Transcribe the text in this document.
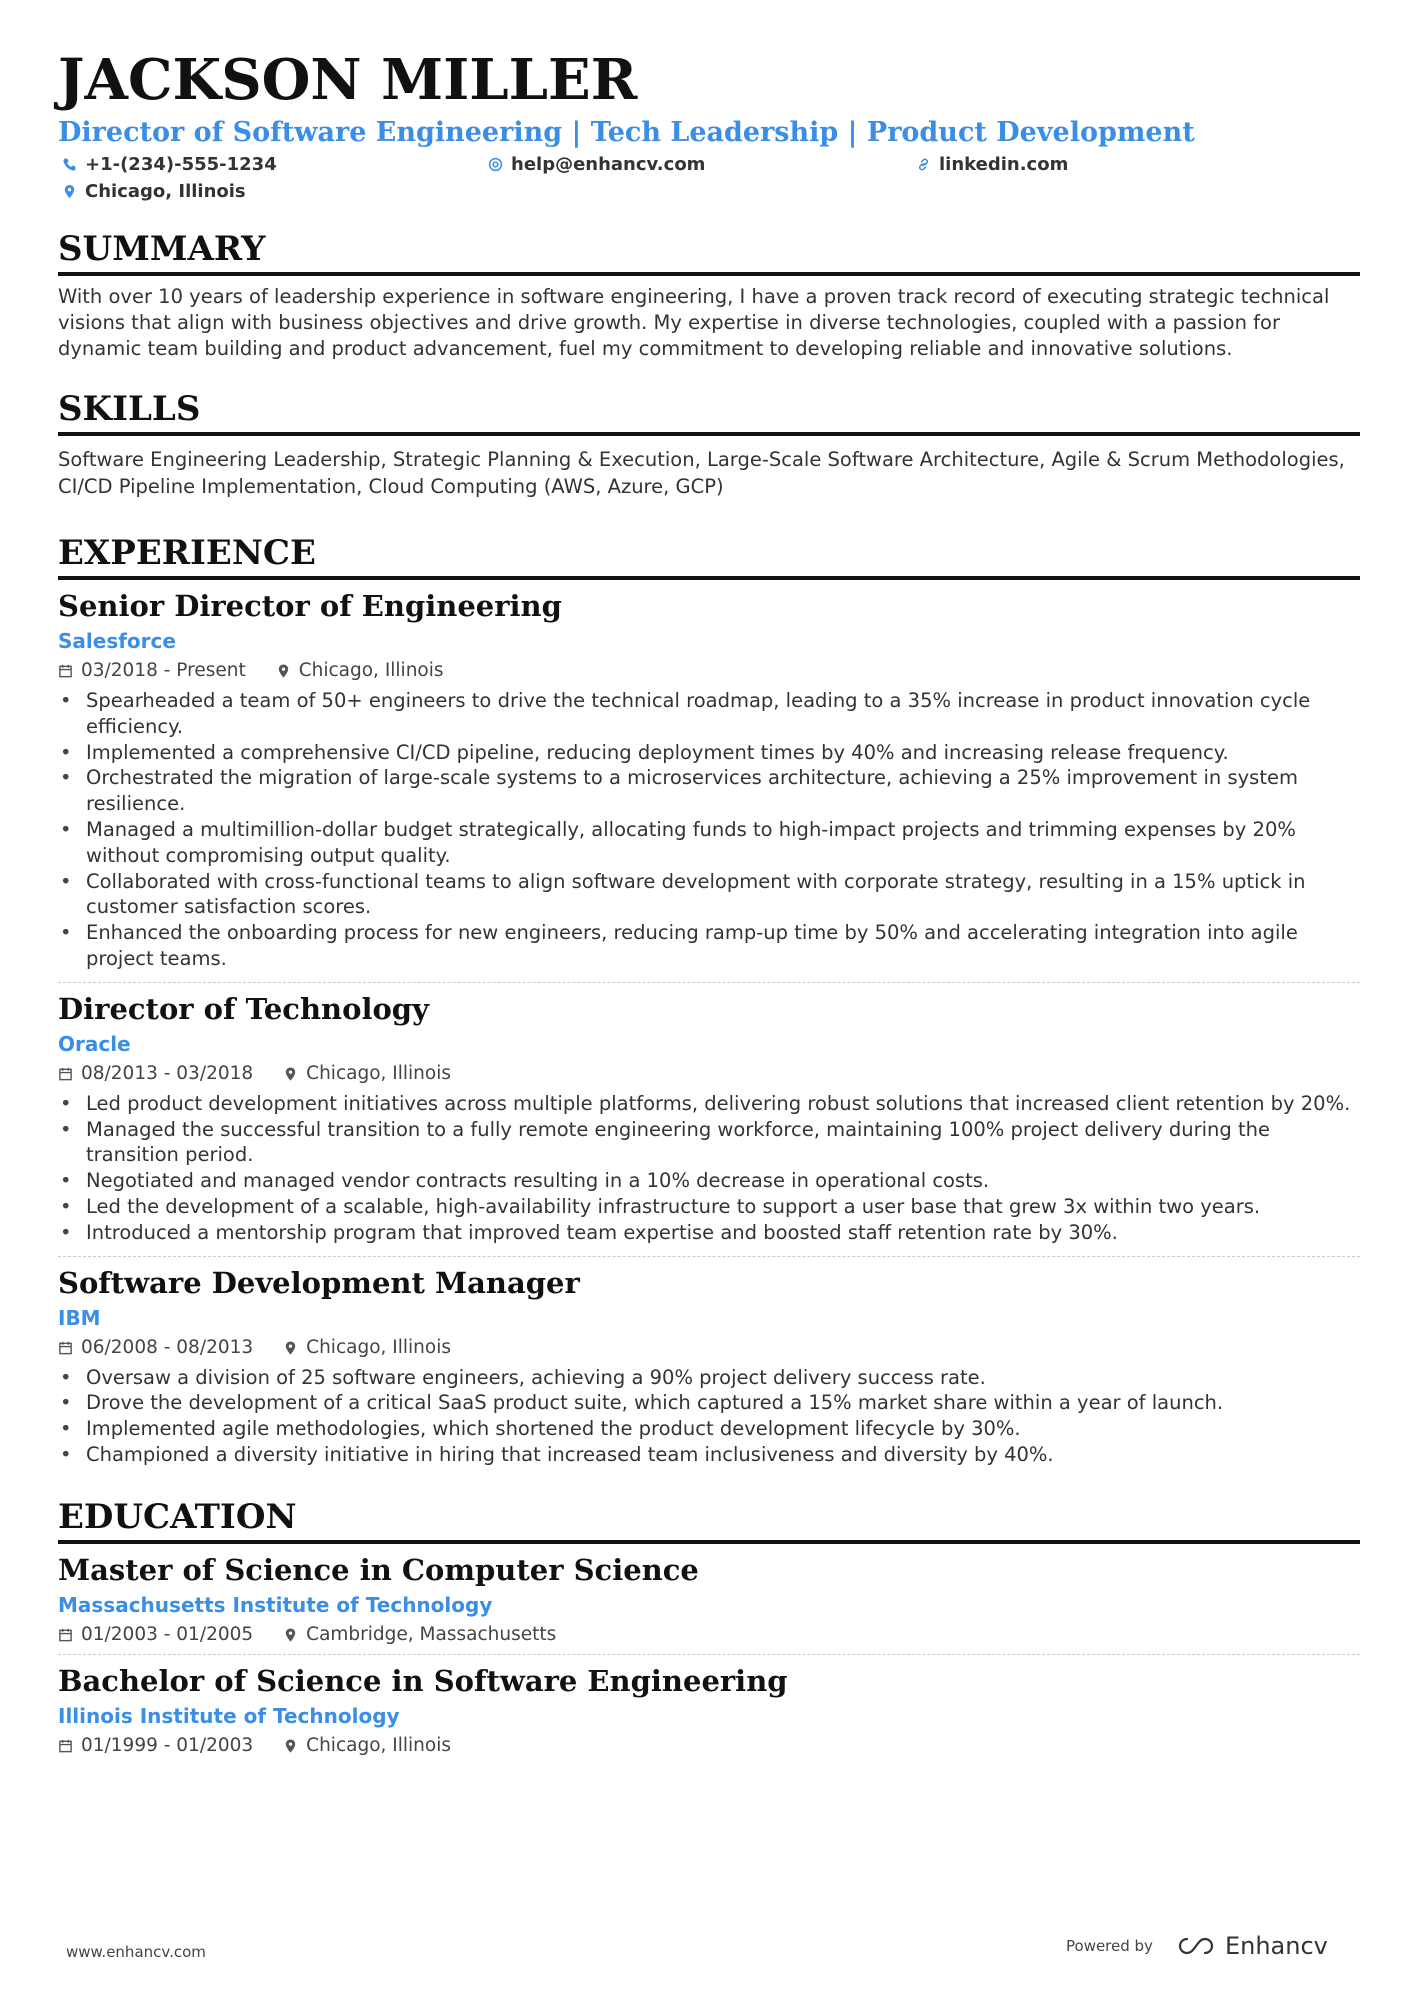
JACKSON MILLER
Director of Software Engineering | Tech Leadership | Product Development
+1-(234)-555-1234	help@enhancv.com	linkedin.com
Chicago, Illinois
SUMMARY
With over 10 years of leadership experience in software engineering, I have a proven track record of executing strategic technical visions that align with business objectives and drive growth. My expertise in diverse technologies, coupled with a passion for dynamic team building and product advancement, fuel my commitment to developing reliable and innovative solutions.
SKILLS
Software Engineering Leadership, Strategic Planning & Execution, Large-Scale Software Architecture, Agile & Scrum Methodologies, CI/CD Pipeline Implementation, Cloud Computing (AWS, Azure, GCP)
EXPERIENCE
Senior Director of Engineering
Salesforce
03/2018 - Present	Chicago, Illinois
• Spearheaded a team of 50+ engineers to drive the technical roadmap, leading to a 35% increase in product innovation cycle efficiency.
• Implemented a comprehensive CI/CD pipeline, reducing deployment times by 40% and increasing release frequency.
• Orchestrated the migration of large-scale systems to a microservices architecture, achieving a 25% improvement in system resilience.
• Managed a multimillion-dollar budget strategically, allocating funds to high-impact projects and trimming expenses by 20% without compromising output quality.
• Collaborated with cross-functional teams to align software development with corporate strategy, resulting in a 15% uptick in customer satisfaction scores.
• Enhanced the onboarding process for new engineers, reducing ramp-up time by 50% and accelerating integration into agile project teams.
Director of Technology
Oracle
08/2013 - 03/2018	Chicago, Illinois
• Led product development initiatives across multiple platforms, delivering robust solutions that increased client retention by 20%.
• Managed the successful transition to a fully remote engineering workforce, maintaining 100% project delivery during the transition period.
• Negotiated and managed vendor contracts resulting in a 10% decrease in operational costs.
• Led the development of a scalable, high-availability infrastructure to support a user base that grew 3x within two years.
• Introduced a mentorship program that improved team expertise and boosted staff retention rate by 30%.
Software Development Manager
IBM
06/2008 - 08/2013	Chicago, Illinois
• Oversaw a division of 25 software engineers, achieving a 90% project delivery success rate.
• Drove the development of a critical SaaS product suite, which captured a 15% market share within a year of launch.
• Implemented agile methodologies, which shortened the product development lifecycle by 30%.
• Championed a diversity initiative in hiring that increased team inclusiveness and diversity by 40%.
EDUCATION
Master of Science in Computer Science
Massachusetts Institute of Technology
01/2003 - 01/2005	Cambridge, Massachusetts
Bachelor of Science in Software Engineering
Illinois Institute of Technology
01/1999 - 01/2003	Chicago, Illinois
www.enhancv.com	Powered by	Enhancv
